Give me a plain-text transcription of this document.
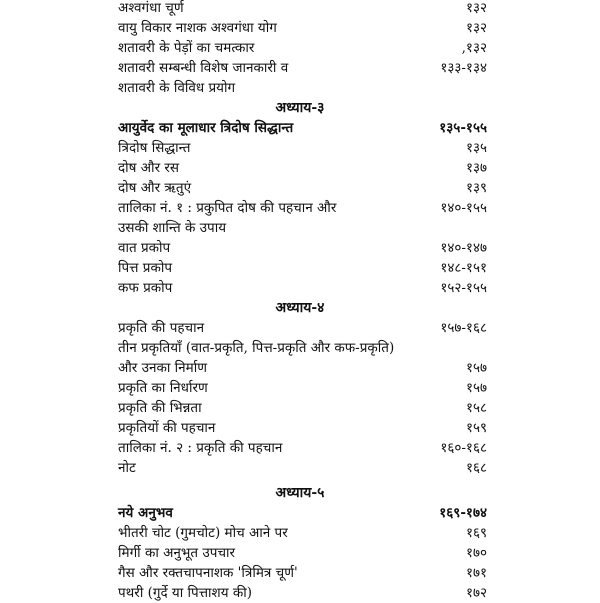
अश्वगंधा चूर्ण	१३२
वायु विकार नाशक अश्वगंधा योग	१३२
शतावरी के पेड़ों का चमत्कार	,१३२
शतावरी सम्बन्धी विशेष जानकारी व	१३३-१३४
शतावरी के विविध प्रयोग
अध्याय-३
आयुर्वेद का मूलाधार त्रिदोष सिद्धान्त	१३५-१५५
त्रिदोष सिद्धान्त	१३५
दोष और रस	१३७
दोष और ऋतुएं	१३९
तालिका नं. १ : प्रकुपित दोष की पहचान और	१४०-१५५
उसकी शान्ति के उपाय
वात प्रकोप	१४०-१४७
पित्त प्रकोप	१४८-१५१
कफ प्रकोप	१५२-१५५
अध्याय-४
प्रकृति की पहचान	१५७-१६८
तीन प्रकृतियाँ (वात-प्रकृति, पित्त-प्रकृति और कफ-प्रकृति)
और उनका निर्माण	१५७
प्रकृति का निर्धारण	१५७
प्रकृति की भिन्नता	१५८
प्रकृतियों की पहचान	१५९
तालिका नं. २ : प्रकृति की पहचान	१६०-१६८
नोट	१६८
अध्याय-५
नये अनुभव	१६९-१७४
भीतरी चोट (गुमचोट) मोच आने पर	१६९
मिर्गी का अनुभूत उपचार	१७०
गैस और रक्तचापनाशक 'त्रिमित्र चूर्ण'	१७१
पथरी (गुर्दे या पित्ताशय की)	१७२
